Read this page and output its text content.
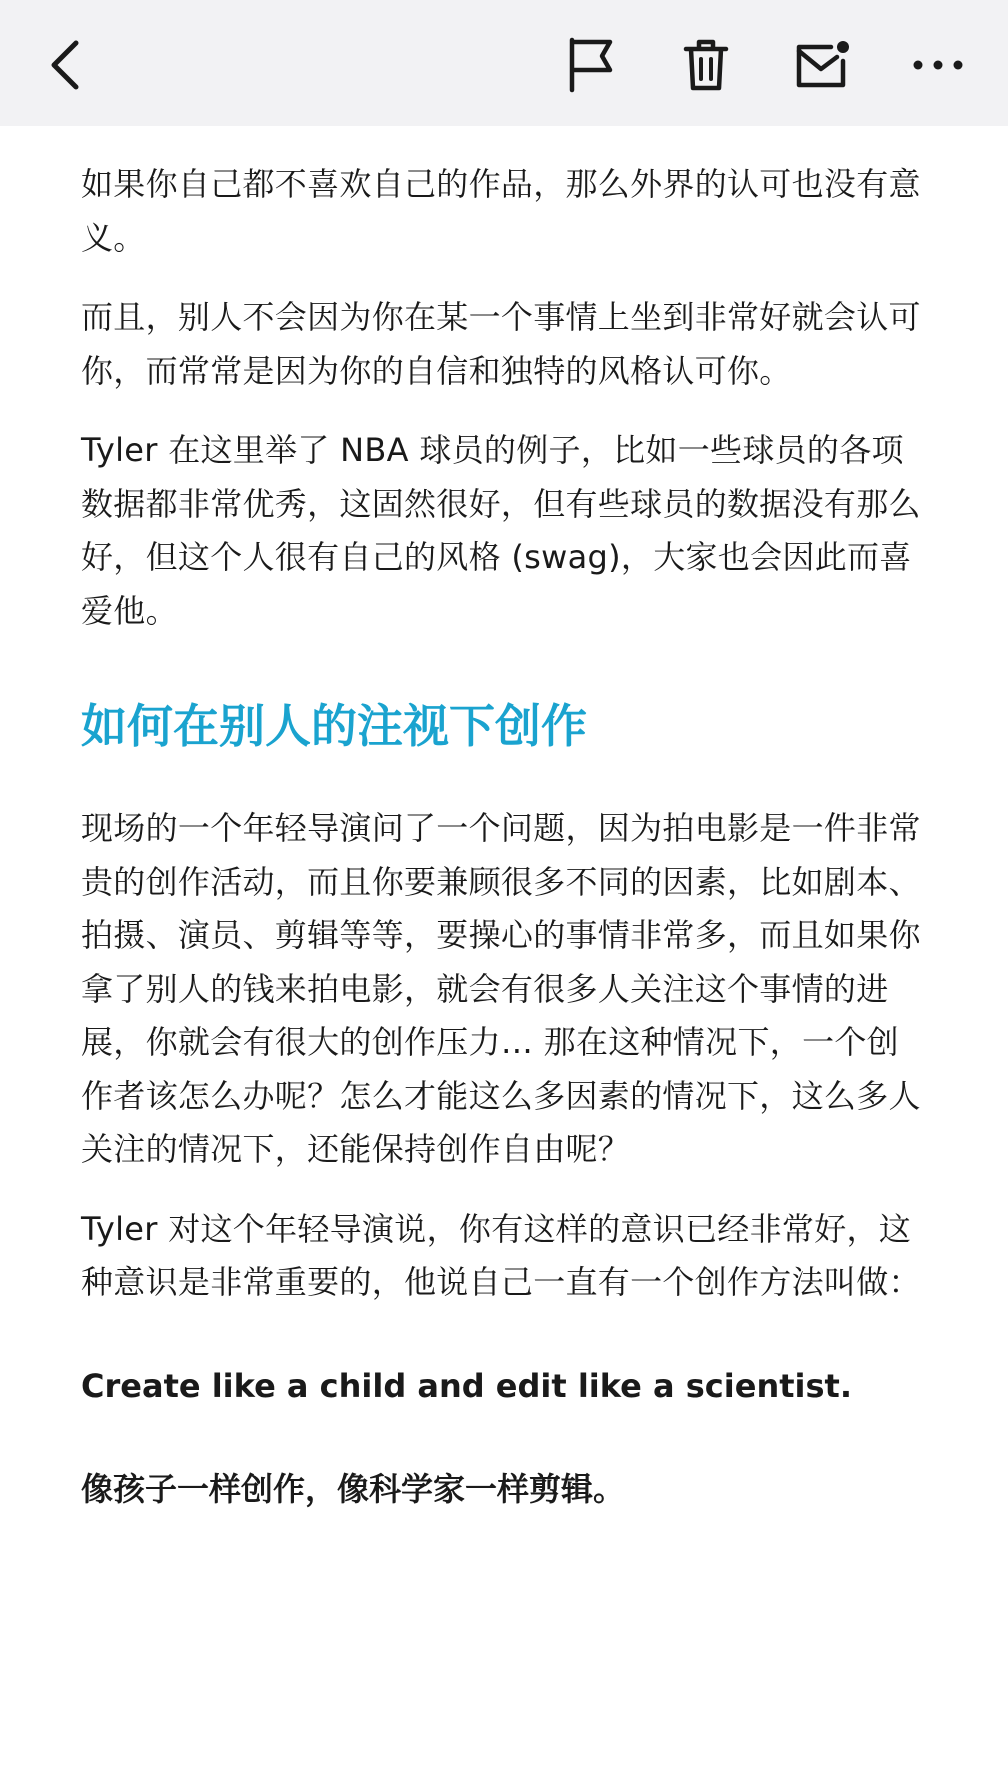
如果你自己都不喜欢自己的作品，那么外界的认可也没有意义。

而且，别人不会因为你在某一个事情上坐到非常好就会认可你，而常常是因为你的自信和独特的风格认可你。

Tyler 在这里举了 NBA 球员的例子，比如一些球员的各项数据都非常优秀，这固然很好，但有些球员的数据没有那么好，但这个人很有自己的风格 (swag)，大家也会因此而喜爱他。

如何在别人的注视下创作

现场的一个年轻导演问了一个问题，因为拍电影是一件非常贵的创作活动，而且你要兼顾很多不同的因素，比如剧本、拍摄、演员、剪辑等等，要操心的事情非常多，而且如果你拿了别人的钱来拍电影，就会有很多人关注这个事情的进展，你就会有很大的创作压力… 那在这种情况下，一个创作者该怎么办呢？怎么才能这么多因素的情况下，这么多人关注的情况下，还能保持创作自由呢？

Tyler 对这个年轻导演说，你有这样的意识已经非常好，这种意识是非常重要的，他说自己一直有一个创作方法叫做：

Create like a child and edit like a scientist.

像孩子一样创作，像科学家一样剪辑。
